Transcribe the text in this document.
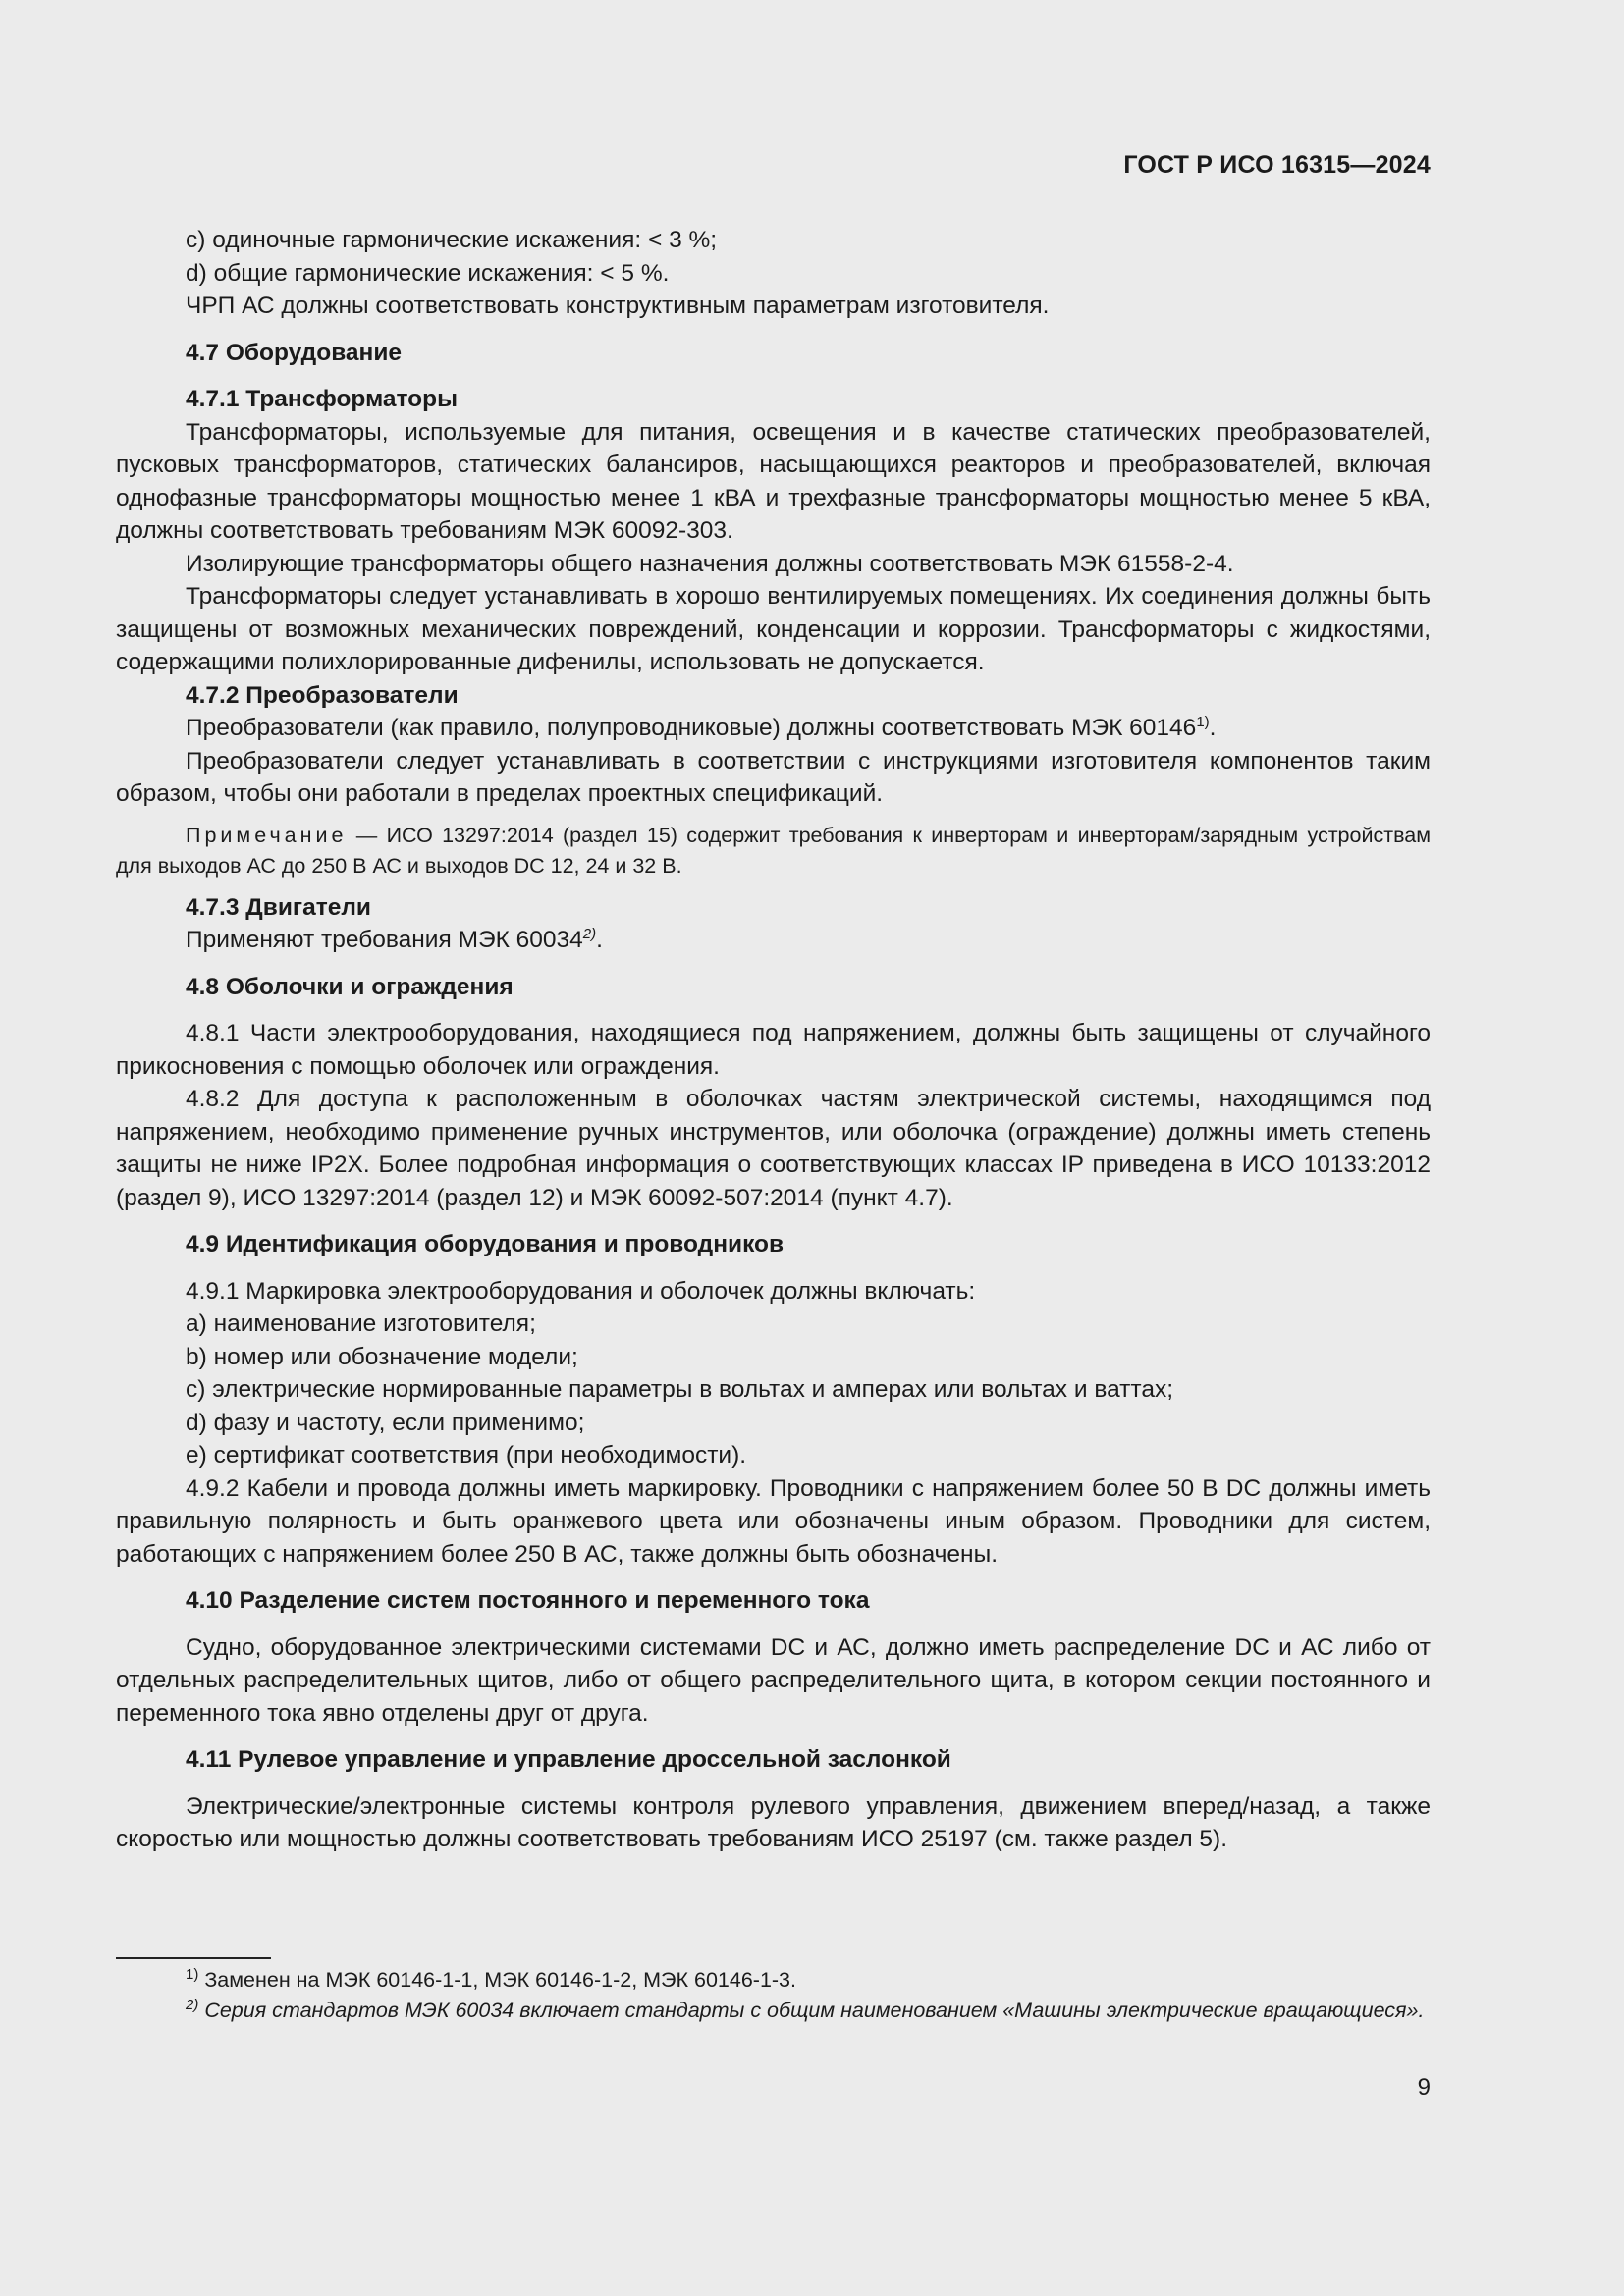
ГОСТ Р ИСО 16315—2024

c) одиночные гармонические искажения: < 3 %;

d) общие гармонические искажения: < 5 %.

ЧРП АС должны соответствовать конструктивным параметрам изготовителя.

4.7 Оборудование

4.7.1 Трансформаторы

Трансформаторы, используемые для питания, освещения и в качестве статических преобразователей, пусковых трансформаторов, статических балансиров, насыщающихся реакторов и преобразователей, включая однофазные трансформаторы мощностью менее 1 кВА и трехфазные трансформаторы мощностью менее 5 кВА, должны соответствовать требованиям МЭК 60092-303.

Изолирующие трансформаторы общего назначения должны соответствовать МЭК 61558-2-4.

Трансформаторы следует устанавливать в хорошо вентилируемых помещениях. Их соединения должны быть защищены от возможных механических повреждений, конденсации и коррозии. Трансформаторы с жидкостями, содержащими полихлорированные дифенилы, использовать не допускается.

4.7.2 Преобразователи

Преобразователи (как правило, полупроводниковые) должны соответствовать МЭК 60146$^{1)}$.

Преобразователи следует устанавливать в соответствии с инструкциями изготовителя компонентов таким образом, чтобы они работали в пределах проектных спецификаций.

Примечание — ИСО 13297:2014 (раздел 15) содержит требования к инверторам и инверторам/зарядным устройствам для выходов АС до 250 В АС и выходов DC 12, 24 и 32 В.

4.7.3 Двигатели

Применяют требования МЭК 60034$^{2)}$.

4.8 Оболочки и ограждения

4.8.1 Части электрооборудования, находящиеся под напряжением, должны быть защищены от случайного прикосновения с помощью оболочек или ограждения.

4.8.2 Для доступа к расположенным в оболочках частям электрической системы, находящимся под напряжением, необходимо применение ручных инструментов, или оболочка (ограждение) должны иметь степень защиты не ниже IP2X. Более подробная информация о соответствующих классах IP приведена в ИСО 10133:2012 (раздел 9), ИСО 13297:2014 (раздел 12) и МЭК 60092-507:2014 (пункт 4.7).

4.9 Идентификация оборудования и проводников

4.9.1 Маркировка электрооборудования и оболочек должны включать:

a) наименование изготовителя;

b) номер или обозначение модели;

c) электрические нормированные параметры в вольтах и амперах или вольтах и ваттах;

d) фазу и частоту, если применимо;

e) сертификат соответствия (при необходимости).

4.9.2 Кабели и провода должны иметь маркировку. Проводники с напряжением более 50 В DC должны иметь правильную полярность и быть оранжевого цвета или обозначены иным образом. Проводники для систем, работающих с напряжением более 250 В АС, также должны быть обозначены.

4.10 Разделение систем постоянного и переменного тока

Судно, оборудованное электрическими системами DC и АС, должно иметь распределение DC и АС либо от отдельных распределительных щитов, либо от общего распределительного щита, в котором секции постоянного и переменного тока явно отделены друг от друга.

4.11 Рулевое управление и управление дроссельной заслонкой

Электрические/электронные системы контроля рулевого управления, движением вперед/назад, а также скоростью или мощностью должны соответствовать требованиям ИСО 25197 (см. также раздел 5).

$^{1)}$ Заменен на МЭК 60146-1-1, МЭК 60146-1-2, МЭК 60146-1-3.

$^{2)}$ Серия стандартов МЭК 60034 включает стандарты с общим наименованием «Машины электрические вращающиеся».

9
